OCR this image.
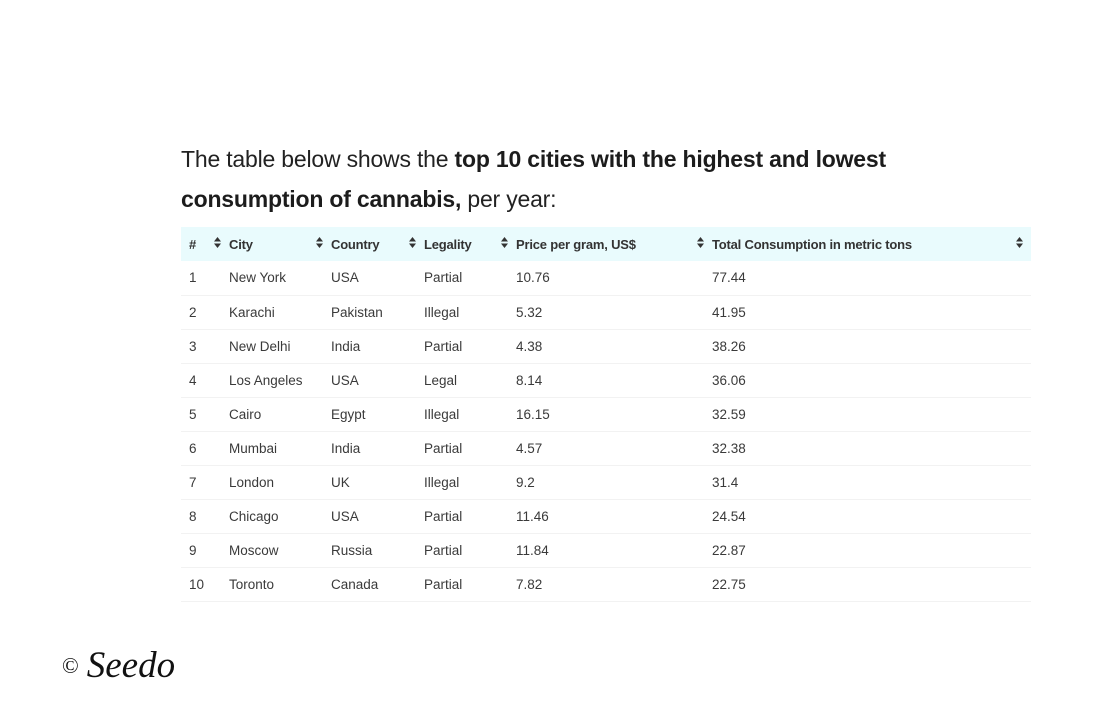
The table below shows the top 10 cities with the highest and lowest consumption of cannabis, per year:
#	City	Country	Legality	Price per gram, US$	Total Consumption in metric tons

1	New York	USA	Partial	10.76	77.44
2	Karachi	Pakistan	Illegal	5.32	41.95
3	New Delhi	India	Partial	4.38	38.26
4	Los Angeles	USA	Legal	8.14	36.06
5	Cairo	Egypt	Illegal	16.15	32.59
6	Mumbai	India	Partial	4.57	32.38
7	London	UK	Illegal	9.2	31.4
8	Chicago	USA	Partial	11.46	24.54
9	Moscow	Russia	Partial	11.84	22.87
10	Toronto	Canada	Partial	7.82	22.75
© Seedo
